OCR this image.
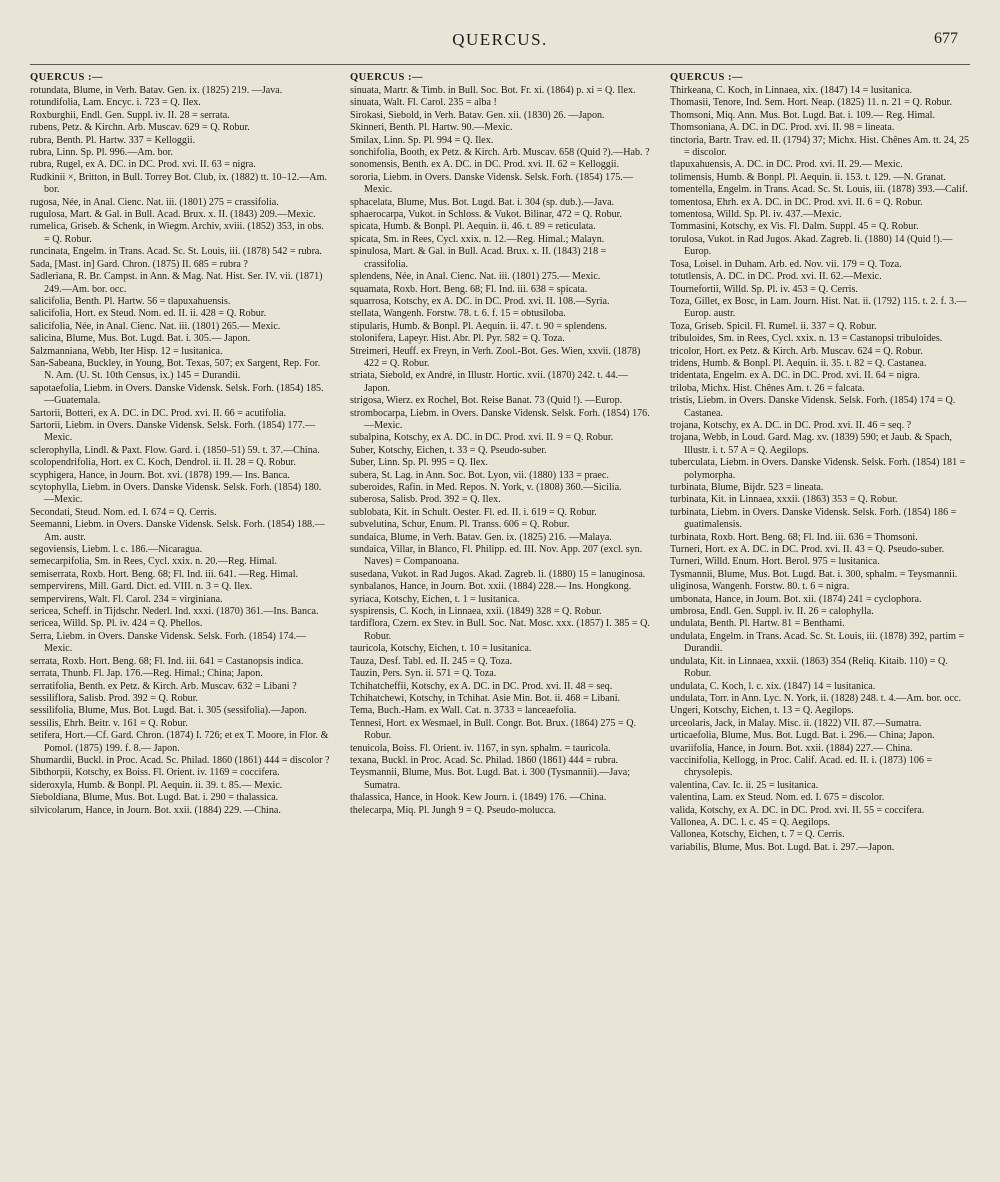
QUERCUS.	677
QUERCUS :—
rotundata, Blume, in Verh. Batav. Gen. ix. (1825) 219. —Java.
rotundifolia, Lam. Encyc. i. 723 = Q. Ilex.
Roxburghii, Endl. Gen. Suppl. iv. II. 28 = serrata.
rubens, Petz. & Kirchn. Arb. Muscav. 629 = Q. Robur.
rubra, Benth. Pl. Hartw. 337 = Kelloggii.
rubra, Linn. Sp. Pl. 996.—Am. bor.
rubra, Rugel, ex A. DC. in DC. Prod. xvi. II. 63 = nigra.
Rudkinii ×, Britton, in Bull. Torrey Bot. Club, ix. (1882) tt. 10–12.—Am. bor.
rugosa, Née, in Anal. Cienc. Nat. iii. (1801) 275 = crassifolia.
rugulosa, Mart. & Gal. in Bull. Acad. Brux. x. II. (1843) 209.—Mexic.
rumelica, Griseb. & Schenk, in Wiegm. Archiv, xviii. (1852) 353, in obs. = Q. Robur.
runcinata, Engelm. in Trans. Acad. Sc. St. Louis, iii. (1878) 542 = rubra.
Sada, [Mast. in] Gard. Chron. (1875) II. 685 = rubra ?
Sadleriana, R. Br. Campst. in Ann. & Mag. Nat. Hist. Ser. IV. vii. (1871) 249.—Am. bor. occ.
salicifolia, Benth. Pl. Hartw. 56 = tlapuxahuensis.
salicifolia, Hort. ex Steud. Nom. ed. II. ii. 428 = Q. Robur.
salicifolia, Née, in Anal. Cienc. Nat. iii. (1801) 265.— Mexic.
salicina, Blume, Mus. Bot. Lugd. Bat. i. 305.— Japon.
Salzmanniana, Webb, Iter Hisp. 12 = lusitanica.
San-Sabeana, Buckley, in Young, Bot. Texas, 507; ex Sargent, Rep. For. N. Am. (U. St. 10th Census, ix.) 145 = Durandii.
sapotaefolia, Liebm. in Overs. Danske Vidensk. Selsk. Forh. (1854) 185.—Guatemala.
Sartorii, Botteri, ex A. DC. in DC. Prod. xvi. II. 66 = acutifolia.
Sartorii, Liebm. in Overs. Danske Vidensk. Selsk. Forh. (1854) 177.—Mexic.
sclerophylla, Lindl. & Paxt. Flow. Gard. i. (1850–51) 59. t. 37.—China.
scolopendrifolia, Hort. ex C. Koch, Dendrol. ii. II. 28 = Q. Robur.
scyphigera, Hance, in Journ. Bot. xvi. (1878) 199.— Ins. Banca.
scytophylla, Liebm. in Overs. Danske Vidensk. Selsk. Forh. (1854) 180.—Mexic.
Secondati, Steud. Nom. ed. I. 674 = Q. Cerris.
Seemanni, Liebm. in Overs. Danske Vidensk. Selsk. Forh. (1854) 188.—Am. austr.
segoviensis, Liebm. l. c. 186.—Nicaragua.
semecarpifolia, Sm. in Rees, Cycl. xxix. n. 20.—Reg. Himal.
semiserrata, Roxb. Hort. Beng. 68; Fl. Ind. iii. 641. —Reg. Himal.
sempervirens, Mill. Gard. Dict. ed. VIII. n. 3 = Q. Ilex.
sempervirens, Walt. Fl. Carol. 234 = virginiana.
sericea, Scheff. in Tijdschr. Nederl. Ind. xxxi. (1870) 361.—Ins. Banca.
sericea, Willd. Sp. Pl. iv. 424 = Q. Phellos.
Serra, Liebm. in Overs. Danske Vidensk. Selsk. Forh. (1854) 174.—Mexic.
serrata, Roxb. Hort. Beng. 68; Fl. Ind. iii. 641 = Castanopsis indica.
serrata, Thunb. Fl. Jap. 176.—Reg. Himal.; China; Japon.
serratifolia, Benth. ex Petz. & Kirch. Arb. Muscav. 632 = Libani ?
sessiliflora, Salisb. Prod. 392 = Q. Robur.
sessilifolia, Blume, Mus. Bot. Lugd. Bat. i. 305 (sessifolia).—Japon.
sessilis, Ehrh. Beitr. v. 161 = Q. Robur.
setifera, Hort.—Cf. Gard. Chron. (1874) I. 726; et ex T. Moore, in Flor. & Pomol. (1875) 199. f. 8.— Japon.
Shumardii, Buckl. in Proc. Acad. Sc. Philad. 1860 (1861) 444 = discolor ?
Sibthorpii, Kotschy, ex Boiss. Fl. Orient. iv. 1169 = coccifera.
sideroxyla, Humb. & Bonpl. Pl. Aequin. ii. 39. t. 85.— Mexic.
Sieboldiana, Blume, Mus. Bot. Lugd. Bat. i. 290 = thalassica.
silvicolarum, Hance, in Journ. Bot. xxii. (1884) 229. —China.
QUERCUS :—
sinuata, Martr. & Timb. in Bull. Soc. Bot. Fr. xi. (1864) p. xi = Q. Ilex.
sinuata, Walt. Fl. Carol. 235 = alba !
Sirokasi, Siebold, in Verh. Batav. Gen. xii. (1830) 26. —Japon.
Skinneri, Benth. Pl. Hartw. 90.—Mexic.
Smilax, Linn. Sp. Pl. 994 = Q. Ilex.
sonchifolia, Booth, ex Petz. & Kirch. Arb. Muscav. 658 (Quid ?).—Hab. ?
sonomensis, Benth. ex A. DC. in DC. Prod. xvi. II. 62 = Kelloggii.
sororia, Liebm. in Overs. Danske Vidensk. Selsk. Forh. (1854) 175.—Mexic.
sphacelata, Blume, Mus. Bot. Lugd. Bat. i. 304 (sp. dub.).—Java.
sphaerocarpa, Vukot. in Schloss. & Vukot. Bilinar, 472 = Q. Robur.
spicata, Humb. & Bonpl. Pl. Aequin. ii. 46. t. 89 = reticulata.
spicata, Sm. in Rees, Cycl. xxix. n. 12.—Reg. Himal.; Malayn.
spinulosa, Mart. & Gal. in Bull. Acad. Brux. x. II. (1843) 218 = crassifolia.
splendens, Née, in Anal. Cienc. Nat. iii. (1801) 275.— Mexic.
squamata, Roxb. Hort. Beng. 68; Fl. Ind. iii. 638 = spicata.
squarrosa, Kotschy, ex A. DC. in DC. Prod. xvi. II. 108.—Syria.
stellata, Wangenh. Forstw. 78. t. 6. f. 15 = obtusiloba.
stipularis, Humb. & Bonpl. Pl. Aequin. ii. 47. t. 90 = splendens.
stolonifera, Lapeyr. Hist. Abr. Pl. Pyr. 582 = Q. Toza.
Streimeri, Heuff. ex Freyn, in Verh. Zool.-Bot. Ges. Wien, xxvii. (1878) 422 = Q. Robur.
striata, Siebold, ex André, in Illustr. Hortic. xvii. (1870) 242. t. 44.—Japon.
strigosa, Wierz. ex Rochel, Bot. Reise Banat. 73 (Quid !). —Europ.
strombocarpa, Liebm. in Overs. Danske Vidensk. Selsk. Forh. (1854) 176.—Mexic.
subalpina, Kotschy, ex A. DC. in DC. Prod. xvi. II. 9 = Q. Robur.
Suber, Kotschy, Eichen, t. 33 = Q. Pseudo-suber.
Suber, Linn. Sp. Pl. 995 = Q. Ilex.
subera, St. Lag. in Ann. Soc. Bot. Lyon, vii. (1880) 133 = praec.
suberoides, Rafin. in Med. Repos. N. York, v. (1808) 360.—Sicilia.
suberosa, Salisb. Prod. 392 = Q. Ilex.
sublobata, Kit. in Schult. Oester. Fl. ed. II. i. 619 = Q. Robur.
subvelutina, Schur, Enum. Pl. Transs. 606 = Q. Robur.
sundaica, Blume, in Verh. Batav. Gen. ix. (1825) 216. —Malaya.
sundaica, Villar, in Blanco, Fl. Philipp. ed. III. Nov. App. 207 (excl. syn. Naves) = Companoana.
susedana, Vukot. in Rad Jugos. Akad. Zagreb. li. (1880) 15 = lanuginosa.
synbalanos, Hance, in Journ. Bot. xxii. (1884) 228.— Ins. Hongkong.
syriaca, Kotschy, Eichen, t. 1 = lusitanica.
syspirensis, C. Koch, in Linnaea, xxii. (1849) 328 = Q. Robur.
tardiflora, Czern. ex Stev. in Bull. Soc. Nat. Mosc. xxx. (1857) I. 385 = Q. Robur.
tauricola, Kotschy, Eichen, t. 10 = lusitanica.
Tauza, Desf. Tabl. ed. II. 245 = Q. Toza.
Tauzin, Pers. Syn. ii. 571 = Q. Toza.
Tchihatcheffii, Kotschy, ex A. DC. in DC. Prod. xvi. II. 48 = seq.
Tchihatchewi, Kotschy, in Tchihat. Asie Min. Bot. ii. 468 = Libani.
Tema, Buch.-Ham. ex Wall. Cat. n. 3733 = lanceaefolia.
Tennesi, Hort. ex Wesmael, in Bull. Congr. Bot. Brux. (1864) 275 = Q. Robur.
tenuicola, Boiss. Fl. Orient. iv. 1167, in syn. sphalm. = tauricola.
texana, Buckl. in Proc. Acad. Sc. Philad. 1860 (1861) 444 = rubra.
Teysmannii, Blume, Mus. Bot. Lugd. Bat. i. 300 (Tysmannii).—Java; Sumatra.
thalassica, Hance, in Hook. Kew Journ. i. (1849) 176. —China.
thelecarpa, Miq. Pl. Jungh 9 = Q. Pseudo-molucca.
QUERCUS :—
Thirkeana, C. Koch, in Linnaea, xix. (1847) 14 = lusitanica.
Thomasii, Tenore, Ind. Sem. Hort. Neap. (1825) 11. n. 21 = Q. Robur.
Thomsoni, Miq. Ann. Mus. Bot. Lugd. Bat. i. 109.— Reg. Himal.
Thomsoniana, A. DC. in DC. Prod. xvi. II. 98 = lineata.
tinctoria, Bartr. Trav. ed. II. (1794) 37; Michx. Hist. Chênes Am. tt. 24, 25 = discolor.
tlapuxahuensis, A. DC. in DC. Prod. xvi. II. 29.— Mexic.
tolimensis, Humb. & Bonpl. Pl. Aequin. ii. 153. t. 129. —N. Granat.
tomentella, Engelm. in Trans. Acad. Sc. St. Louis, iii. (1878) 393.—Calif.
tomentosa, Ehrh. ex A. DC. in DC. Prod. xvi. II. 6 = Q. Robur.
tomentosa, Willd. Sp. Pl. iv. 437.—Mexic.
Tommasini, Kotschy, ex Vis. Fl. Dalm. Suppl. 45 = Q. Robur.
torulosa, Vukot. in Rad Jugos. Akad. Zagreb. li. (1880) 14 (Quid !).—Europ.
Tosa, Loisel. in Duham. Arb. ed. Nov. vii. 179 = Q. Toza.
totutlensis, A. DC. in DC. Prod. xvi. II. 62.—Mexic.
Tournefortii, Willd. Sp. Pl. iv. 453 = Q. Cerris.
Toza, Gillet, ex Bosc, in Lam. Journ. Hist. Nat. ii. (1792) 115. t. 2. f. 3.—Europ. austr.
Toza, Griseb. Spicil. Fl. Rumel. ii. 337 = Q. Robur.
tribuloides, Sm. in Rees, Cycl. xxix. n. 13 = Castanopsi tribuloides.
tricolor, Hort. ex Petz. & Kirch. Arb. Muscav. 624 = Q. Robur.
tridens, Humb. & Bonpl. Pl. Aequin. ii. 35. t. 82 = Q. Castanea.
tridentata, Engelm. ex A. DC. in DC. Prod. xvi. II. 64 = nigra.
triloba, Michx. Hist. Chênes Am. t. 26 = falcata.
tristis, Liebm. in Overs. Danske Vidensk. Selsk. Forh. (1854) 174 = Q. Castanea.
trojana, Kotschy, ex A. DC. in DC. Prod. xvi. II. 46 = seq. ?
trojana, Webb, in Loud. Gard. Mag. xv. (1839) 590; et Jaub. & Spach, Illustr. i. t. 57 A = Q. Aegilops.
tuberculata, Liebm. in Overs. Danske Vidensk. Selsk. Forh. (1854) 181 = polymorpha.
turbinata, Blume, Bijdr. 523 = lineata.
turbinata, Kit. in Linnaea, xxxii. (1863) 353 = Q. Robur.
turbinata, Liebm. in Overs. Danske Vidensk. Selsk. Forh. (1854) 186 = guatimalensis.
turbinata, Roxb. Hort. Beng. 68; Fl. Ind. iii. 636 = Thomsoni.
Turneri, Hort. ex A. DC. in DC. Prod. xvi. II. 43 = Q. Pseudo-suber.
Turneri, Willd. Enum. Hort. Berol. 975 = lusitanica.
Tysmannii, Blume, Mus. Bot. Lugd. Bat. i. 300, sphalm. = Teysmannii.
uliginosa, Wangenh. Forstw. 80. t. 6 = nigra.
umbonata, Hance, in Journ. Bot. xii. (1874) 241 = cyclophora.
umbrosa, Endl. Gen. Suppl. iv. II. 26 = calophylla.
undulata, Benth. Pl. Hartw. 81 = Benthami.
undulata, Engelm. in Trans. Acad. Sc. St. Louis, iii. (1878) 392, partim = Durandii.
undulata, Kit. in Linnaea, xxxii. (1863) 354 (Reliq. Kitaib. 110) = Q. Robur.
undulata, C. Koch, l. c. xix. (1847) 14 = lusitanica.
undulata, Torr. in Ann. Lyc. N. York, ii. (1828) 248. t. 4.—Am. bor. occ.
Ungeri, Kotschy, Eichen, t. 13 = Q. Aegilops.
urceolaris, Jack, in Malay. Misc. ii. (1822) VII. 87.—Sumatra.
urticaefolia, Blume, Mus. Bot. Lugd. Bat. i. 296.— China; Japon.
uvariifolia, Hance, in Journ. Bot. xxii. (1884) 227.— China.
vaccinifolia, Kellogg, in Proc. Calif. Acad. ed. II. i. (1873) 106 = chrysolepis.
valentina, Cav. Ic. ii. 25 = lusitanica.
valentina, Lam. ex Steud. Nom. ed. I. 675 = discolor.
valida, Kotschy, ex A. DC. in DC. Prod. xvi. II. 55 = coccifera.
Vallonea, A. DC. l. c. 45 = Q. Aegilops.
Vallonea, Kotschy, Eichen, t. 7 = Q. Cerris.
variabilis, Blume, Mus. Bot. Lugd. Bat. i. 297.—Japon.
